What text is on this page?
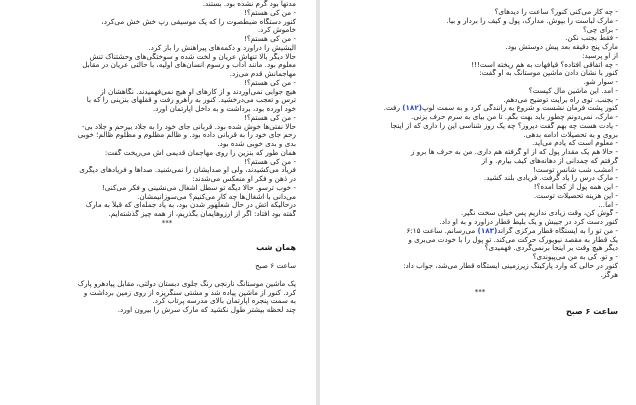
مدتها بود گرم نشده بود. بستند.
- من کی هستم؟!
کنور دستگاه ضبطصوت را که یک موسیقی رپ خش خش می‌کرد،
خاموش کرد.
- من کی هستم؟!
آلیشیش را درآورد و دکمه‌های پیراهنش را باز کرد.
حالا دیگر بالا تنهاش عریان و لخت شده و سوختگی‌های وحشتناک تنش
معلوم بود. مانند اُداب و رسوم انسان‌های اولیه، با حالتی عریان در مقابل
مهاجمانش قدم می‌زد.
- من کی هستم؟!
هیچ جوابی نمی‌آوردند و از کارهای او هیچ نمی‌فهمیدند. نگاهشان از
ترس و تعجب می‌درخشید. کنور به راهرو رفت و قفلهای بنزینی را که با
خود آورده بود، برداشت و به داخل آپارتمان آورد.
- من کی هستم؟!
حالا نفتی‌ها خوش شده بود. قربانی جای خود را به جلاد بیرحم و جلاد بی-
رحم جای خود را به قربانی داده بود. و ظالم مظلوم و مظلوم ظالم؛ خوبی
بدی و بدی خوبی شده بود.
همان طور که بنزین را روی مهاجمان قدیمی اش می‌ریخت گفت:
- من کی هستم؟!
فریاد می‌کشیدند، ولی او صدایشان را نمی‌شنید. صداها و فریادهای دیگری
در ذهن و فکر او منعکس می‌شدند:
- خوب ترسو. حالا دیگه تو سطل آشغال می‌نشینی و فکر می‌کنی!
می‌دانی با آشغال‌ها چه کار می‌کنیم؟ می‌سوزانیمشان.
درحالیکه آتش در حال شعلهور شدن بود، به یاد جمله‌ای که قبلاً به مارک
گفته بود افتاد: اگر از آرزوهایمان بگذریم، از همه چیز گذشته‌ایم.
***
همان شب
ساعت ۶ صبح
یک ماشین موستانگ نارنجی رنگ جلوی دبستان دولتی، مقابل پیادهرو پارک
کرد. کنور از ماشین پیاده شد و مشتی سنگریزه از روی زمین برداشت و
به سمت پنجره آپارتمان بالای مدرسه پرتاب کرد.
چند لحظه بیشتر طول نکشید که مارک سرش را بیرون آورد.
- چه کار می‌کنی کنور؟ ساعت را دیدهای؟
- مارک لباست را بپوش. مدارک، پول و کیف را بردار و بیا.
- برای چی؟
- فقط بجنب نکن.
مارک پنج دقیقه بعد پیش دوستش بود.
از او پرسید:
- چه اتفاقی افتاده؟ قیافهات به هم ریخته است!!!
کنور با نشان دادن ماشین موستانگ به او گفت:
- سوار شو.
- آمد. این ماشین مال کیست؟
- بجنب. توی راه برایت توضیح می‌دهم.
کنور پشت فرمان نشست و شروع به رانندگی کرد و به سمت لوپ(۱۸۲) رفت.
- مارک، نمی‌دونم چطور باید بهت بگم. تا من بیای به سرم حرف بزنی.
- یادت هست چه بهم گفت دیروز؟ چه یک روز شناسی این را داری که از اینجا
بروی و به تحصیلات ادامه بدهی.
- معلوم است که یادم می‌آید.
- حالا هم یک مقدار پول که از او گرفته هم داری. من به حرف ها برو ز
گرفتم که چمدانی از دهانه‌های کیف بیارم. و از
- امشب شب شانس توست!
- مارک درس را یاد گرفت. فریادی بلند کشید.
- این همه پول از کجا آمده؟!
- این هزینه تحصیلات توست.
- اما...
- گوش کن، وقت زیادی نداریم پس خیلی سخت نگیر.
کنور دست کرد در جیبش و یک بلیط قطار درآورد و به او داد.
- من تو را به ایستگاه قطار مرکزی گراند(۱۸۳) می‌رسانم. ساعت ۶:۱۵
یک قطار به مقصد نیویورک حرکت می‌کند. تو پول را با خودت می‌بری و
دیگر هیچ وقت بر اینجا برنمی‌گردی. فهمیدی؟
- و تو. کی به من می‌پیوندی؟
کنور در حالی که وارد پارکینگ زیرزمینی ایستگاه قطار می‌شد، جواب داد:
هرگز.
***
ساعت ۶ صبح
